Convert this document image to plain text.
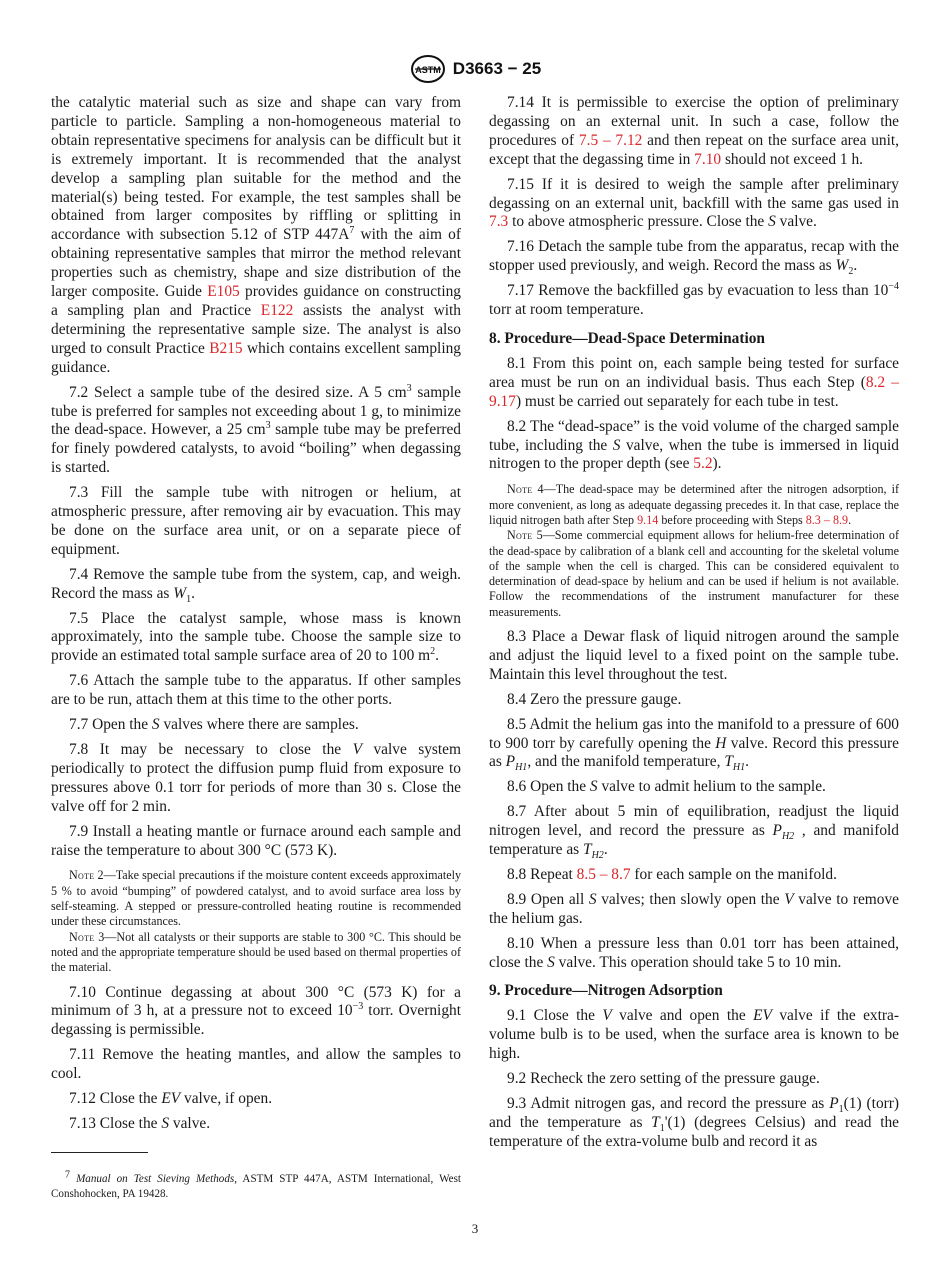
ASTM D3663 − 25

the catalytic material such as size and shape can vary from particle to particle. Sampling a non-homogeneous material to obtain representative specimens for analysis can be difficult but it is extremely important. It is recommended that the analyst develop a sampling plan suitable for the method and the material(s) being tested. For example, the test samples shall be obtained from larger composites by riffling or splitting in accordance with subsection 5.12 of STP $447A^7$ with the aim of obtaining representative samples that mirror the method relevant properties such as chemistry, shape and size distribution of the larger composite. Guide E105 provides guidance on constructing a sampling plan and Practice E122 assists the analyst with determining the representative sample size. The analyst is also urged to consult Practice B215 which contains excellent sampling guidance.

7.2 Select a sample tube of the desired size. A 5 $cm^3$ sample tube is preferred for samples not exceeding about 1 g, to minimize the dead-space. However, a 25 $cm^3$ sample tube may be preferred for finely powdered catalysts, to avoid “boiling” when degassing is started.

7.3 Fill the sample tube with nitrogen or helium, at atmospheric pressure, after removing air by evacuation. This may be done on the surface area unit, or on a separate piece of equipment.

7.4 Remove the sample tube from the system, cap, and weigh. Record the mass as $W_1$.

7.5 Place the catalyst sample, whose mass is known approximately, into the sample tube. Choose the sample size to provide an estimated total sample surface area of 20 to 100 $m^2$.

7.6 Attach the sample tube to the apparatus. If other samples are to be run, attach them at this time to the other ports.

7.7 Open the S valves where there are samples.

7.8 It may be necessary to close the V valve system periodically to protect the diffusion pump fluid from exposure to pressures above 0.1 torr for periods of more than 30 s. Close the valve off for 2 min.

7.9 Install a heating mantle or furnace around each sample and raise the temperature to about 300 °C (573 K).

Note 2—Take special precautions if the moisture content exceeds approximately 5 % to avoid “bumping” of powdered catalyst, and to avoid surface area loss by self-steaming. A stepped or pressure-controlled heating routine is recommended under these circumstances.

Note 3—Not all catalysts or their supports are stable to 300 °C. This should be noted and the appropriate temperature should be used based on thermal properties of the material.

7.10 Continue degassing at about 300 °C (573 K) for a minimum of 3 h, at a pressure not to exceed $10^{-3}$ torr. Overnight degassing is permissible.

7.11 Remove the heating mantles, and allow the samples to cool.

7.12 Close the EV valve, if open.

7.13 Close the S valve.

7.14 It is permissible to exercise the option of preliminary degassing on an external unit. In such a case, follow the procedures of 7.5 – 7.12 and then repeat on the surface area unit, except that the degassing time in 7.10 should not exceed 1 h.

7.15 If it is desired to weigh the sample after preliminary degassing on an external unit, backfill with the same gas used in 7.3 to above atmospheric pressure. Close the S valve.

7.16 Detach the sample tube from the apparatus, recap with the stopper used previously, and weigh. Record the mass as $W_2$.

7.17 Remove the backfilled gas by evacuation to less than $10^{-4}$ torr at room temperature.

8. Procedure—Dead-Space Determination

8.1 From this point on, each sample being tested for surface area must be run on an individual basis. Thus each Step (8.2 – 9.17) must be carried out separately for each tube in test.

8.2 The “dead-space” is the void volume of the charged sample tube, including the S valve, when the tube is immersed in liquid nitrogen to the proper depth (see 5.2).

Note 4—The dead-space may be determined after the nitrogen adsorption, if more convenient, as long as adequate degassing precedes it. In that case, replace the liquid nitrogen bath after Step 9.14 before proceeding with Steps 8.3 – 8.9.

Note 5—Some commercial equipment allows for helium-free determination of the dead-space by calibration of a blank cell and accounting for the skeletal volume of the sample when the cell is charged. This can be considered equivalent to determination of dead-space by helium and can be used if helium is not available. Follow the recommendations of the instrument manufacturer for these measurements.

8.3 Place a Dewar flask of liquid nitrogen around the sample and adjust the liquid level to a fixed point on the sample tube. Maintain this level throughout the test.

8.4 Zero the pressure gauge.

8.5 Admit the helium gas into the manifold to a pressure of 600 to 900 torr by carefully opening the H valve. Record this pressure as $P_{H1}$, and the manifold temperature, $T_{H1}$.

8.6 Open the S valve to admit helium to the sample.

8.7 After about 5 min of equilibration, readjust the liquid nitrogen level, and record the pressure as $P_{H2}$ , and manifold temperature as $T_{H2}$.

8.8 Repeat 8.5 – 8.7 for each sample on the manifold.

8.9 Open all S valves; then slowly open the V valve to remove the helium gas.

8.10 When a pressure less than 0.01 torr has been attained, close the S valve. This operation should take 5 to 10 min.

9. Procedure—Nitrogen Adsorption

9.1 Close the V valve and open the EV valve if the extra-volume bulb is to be used, when the surface area is known to be high.

9.2 Recheck the zero setting of the pressure gauge.

9.3 Admit nitrogen gas, and record the pressure as $P_1(1)$ (torr) and the temperature as $T_1'(1)$ (degrees Celsius) and read the temperature of the extra-volume bulb and record it as

$^7$ Manual on Test Sieving Methods, ASTM STP 447A, ASTM International, West Conshohocken, PA 19428.

3
